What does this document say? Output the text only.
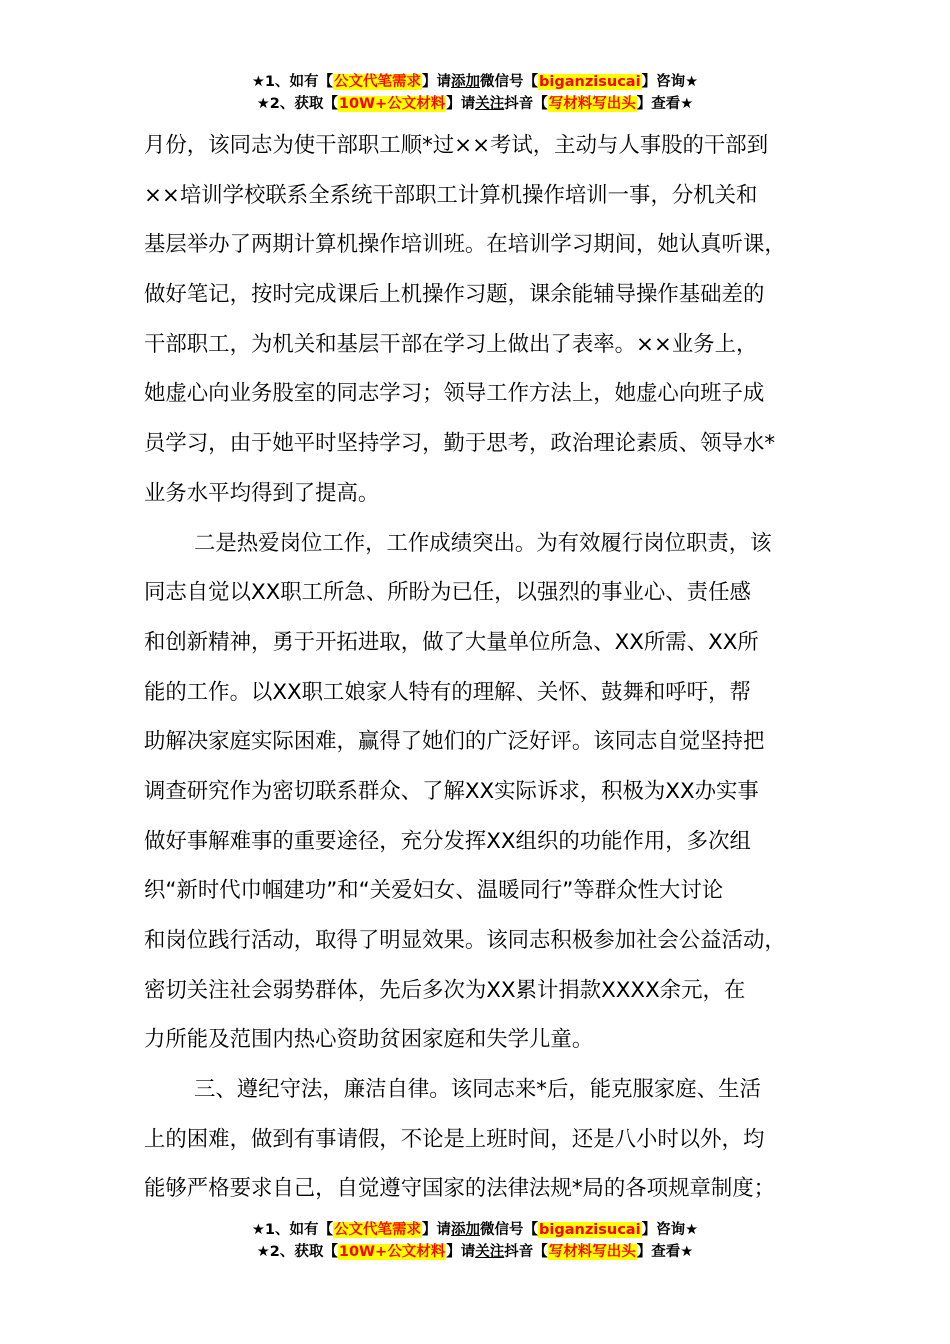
★1、如有【公文代笔需求】请添加微信号【biganzisucai】咨询★
★2、获取【10W+公文材料】请关注抖音【写材料写出头】查看★
月份，该同志为使干部职工顺*过××考试，主动与人事股的干部到
××培训学校联系全系统干部职工计算机操作培训一事，分机关和
基层举办了两期计算机操作培训班。在培训学习期间，她认真听课，
做好笔记，按时完成课后上机操作习题，课余能辅导操作基础差的
干部职工，为机关和基层干部在学习上做出了表率。××业务上，
她虚心向业务股室的同志学习；领导工作方法上，她虚心向班子成
员学习，由于她平时坚持学习，勤于思考，政治理论素质、领导水*
业务水平均得到了提高。
二是热爱岗位工作，工作成绩突出。为有效履行岗位职责，该
同志自觉以XX职工所急、所盼为已任，以强烈的事业心、责任感
和创新精神，勇于开拓进取，做了大量单位所急、XX所需、XX所
能的工作。以XX职工娘家人特有的理解、关怀、鼓舞和呼吁，帮
助解决家庭实际困难，赢得了她们的广泛好评。该同志自觉坚持把
调查研究作为密切联系群众、了解XX实际诉求，积极为XX办实事
做好事解难事的重要途径，充分发挥XX组织的功能作用，多次组
织“新时代巾帼建功”和“关爱妇女、温暖同行”等群众性大讨论
和岗位践行活动，取得了明显效果。该同志积极参加社会公益活动，
密切关注社会弱势群体，先后多次为XX累计捐款XXXX余元，在
力所能及范围内热心资助贫困家庭和失学儿童。
三、遵纪守法，廉洁自律。该同志来*后，能克服家庭、生活
上的困难，做到有事请假，不论是上班时间，还是八小时以外，均
能够严格要求自己，自觉遵守国家的法律法规*局的各项规章制度；
★1、如有【公文代笔需求】请添加微信号【biganzisucai】咨询★
★2、获取【10W+公文材料】请关注抖音【写材料写出头】查看★
